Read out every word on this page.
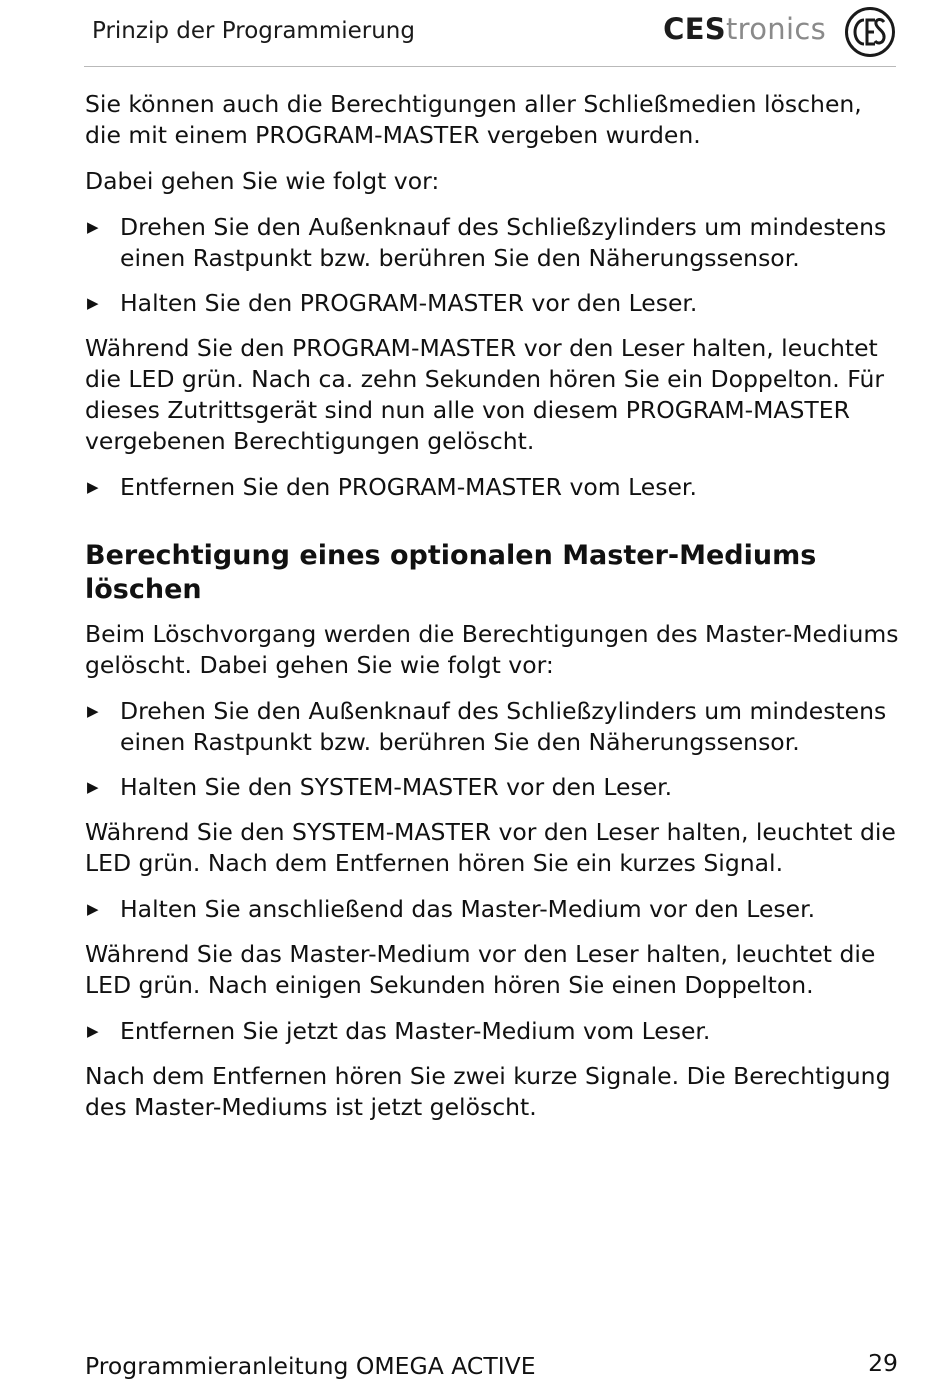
Prinzip der Programmierung	CEStronics

Sie können auch die Berechtigungen aller Schließmedien löschen, die mit einem PROGRAM-MASTER vergeben wurden.

Dabei gehen Sie wie folgt vor:

▶ Drehen Sie den Außenknauf des Schließzylinders um mindestens einen Rastpunkt bzw. berühren Sie den Näherungssensor.
▶ Halten Sie den PROGRAM-MASTER vor den Leser.

Während Sie den PROGRAM-MASTER vor den Leser halten, leuchtet die LED grün. Nach ca. zehn Sekunden hören Sie ein Doppelton. Für dieses Zutrittsgerät sind nun alle von diesem PROGRAM-MASTER vergebenen Berechtigungen gelöscht.

▶ Entfernen Sie den PROGRAM-MASTER vom Leser.
Berechtigung eines optionalen Master-Mediums löschen

Beim Löschvorgang werden die Berechtigungen des Master-Mediums gelöscht. Dabei gehen Sie wie folgt vor:

▶ Drehen Sie den Außenknauf des Schließzylinders um mindestens einen Rastpunkt bzw. berühren Sie den Näherungssensor.
▶ Halten Sie den SYSTEM-MASTER vor den Leser.

Während Sie den SYSTEM-MASTER vor den Leser halten, leuchtet die LED grün. Nach dem Entfernen hören Sie ein kurzes Signal.

▶ Halten Sie anschließend das Master-Medium vor den Leser.

Während Sie das Master-Medium vor den Leser halten, leuchtet die LED grün. Nach einigen Sekunden hören Sie einen Doppelton.

▶ Entfernen Sie jetzt das Master-Medium vom Leser.

Nach dem Entfernen hören Sie zwei kurze Signale. Die Berechtigung des Master-Mediums ist jetzt gelöscht.

Programmieranleitung OMEGA ACTIVE	29
